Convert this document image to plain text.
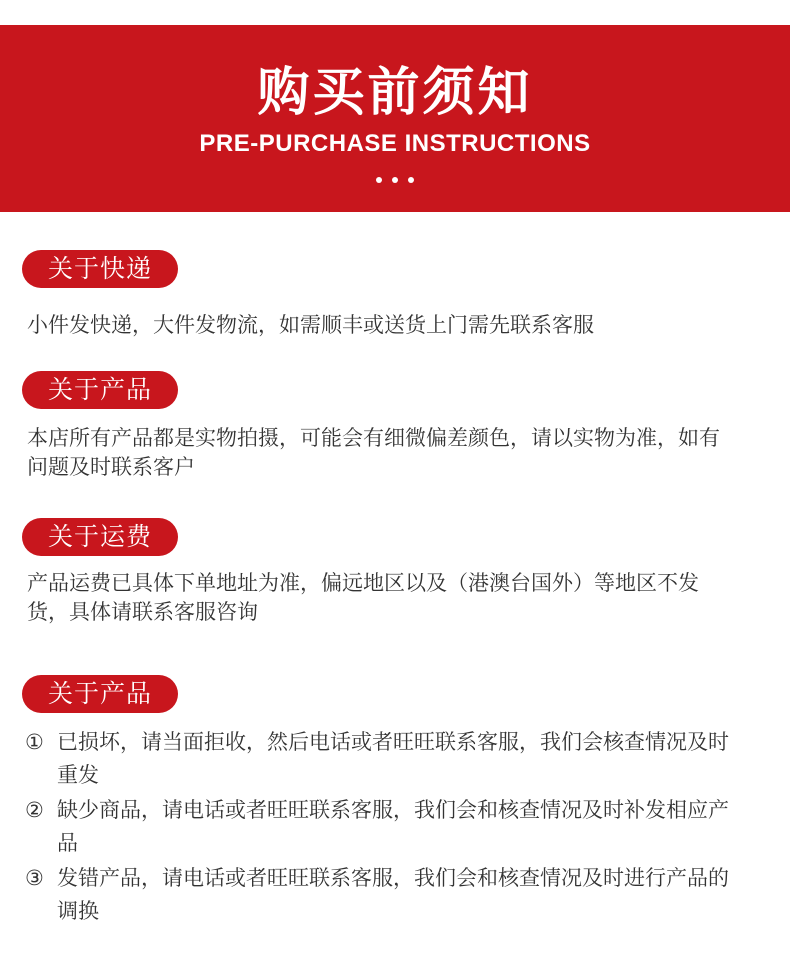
购买前须知
PRE-PURCHASE INSTRUCTIONS

关于快递
小件发快递，大件发物流，如需顺丰或送货上门需先联系客服
关于产品
本店所有产品都是实物拍摄，可能会有细微偏差颜色，请以实物为准，如有问题及时联系客户
关于运费
产品运费已具体下单地址为准，偏远地区以及（港澳台国外）等地区不发货，具体请联系客服咨询
关于产品
① 已损坏，请当面拒收，然后电话或者旺旺联系客服，我们会核查情况及时重发
② 缺少商品，请电话或者旺旺联系客服，我们会和核查情况及时补发相应产品
③ 发错产品，请电话或者旺旺联系客服，我们会和核查情况及时进行产品的调换
